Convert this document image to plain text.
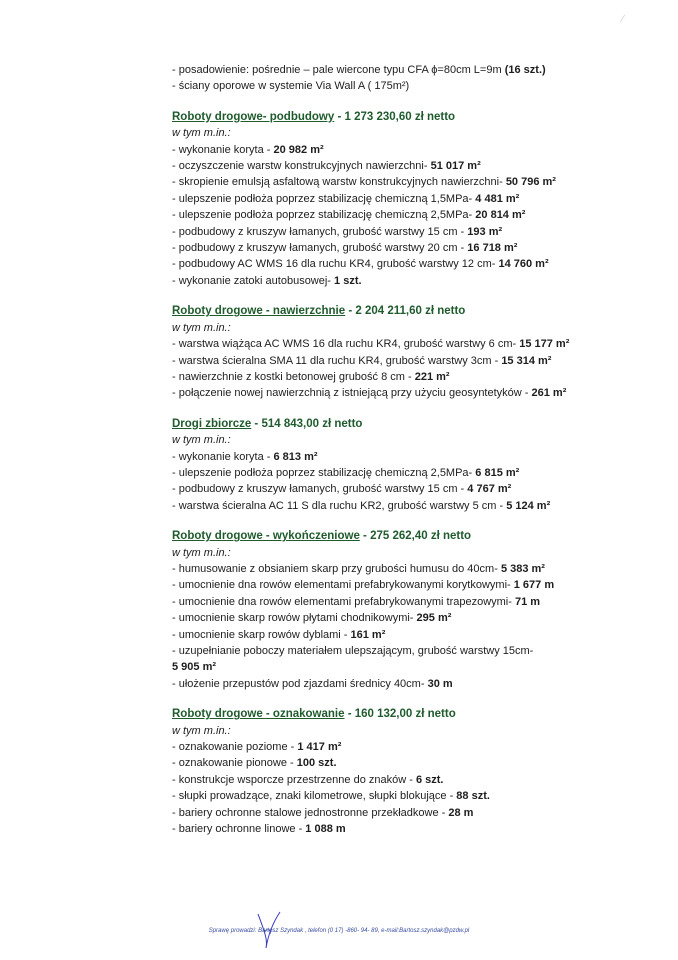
⁄
- posadowienie: pośrednie – pale wiercone typu CFA ϕ=80cm L=9m (16 szt.)
- ściany oporowe w systemie Via Wall A ( 175m²)
Roboty drogowe- podbudowy - 1 273 230,60 zł netto
w tym m.in.:
- wykonanie koryta - 20 982 m²
- oczyszczenie warstw konstrukcyjnych nawierzchni- 51 017 m²
- skropienie emulsją asfaltową warstw konstrukcyjnych nawierzchni- 50 796 m²
- ulepszenie podłoża poprzez stabilizację chemiczną 1,5MPa- 4 481 m²
- ulepszenie podłoża poprzez stabilizację chemiczną 2,5MPa- 20 814 m²
- podbudowy z kruszyw łamanych, grubość warstwy 15 cm - 193 m²
- podbudowy z kruszyw łamanych, grubość warstwy 20 cm - 16 718 m²
- podbudowy AC WMS 16 dla ruchu KR4, grubość warstwy 12 cm- 14 760 m²
- wykonanie zatoki autobusowej- 1 szt.
Roboty drogowe - nawierzchnie - 2 204 211,60 zł netto
w tym m.in.:
- warstwa wiążąca AC WMS 16 dla ruchu KR4, grubość warstwy 6 cm- 15 177 m²
- warstwa ścieralna SMA 11 dla ruchu KR4, grubość warstwy 3cm - 15 314 m²
- nawierzchnie z kostki betonowej grubość 8 cm - 221 m²
- połączenie nowej nawierzchnią z istniejącą przy użyciu geosyntetyków - 261 m²
Drogi zbiorcze - 514 843,00 zł netto
w tym m.in.:
- wykonanie koryta - 6 813 m²
- ulepszenie podłoża poprzez stabilizację chemiczną 2,5MPa- 6 815 m²
- podbudowy z kruszyw łamanych, grubość warstwy 15 cm - 4 767 m²
- warstwa ścieralna AC 11 S dla ruchu KR2, grubość warstwy 5 cm - 5 124 m²
Roboty drogowe - wykończeniowe - 275 262,40 zł netto
w tym m.in.:
- humusowanie z obsianiem skarp przy grubości humusu do 40cm- 5 383 m²
- umocnienie dna rowów elementami prefabrykowanymi korytkowymi- 1 677 m
- umocnienie dna rowów elementami prefabrykowanymi trapezowymi- 71 m
- umocnienie skarp rowów płytami chodnikowymi- 295 m²
- umocnienie skarp rowów dyblami - 161 m²
- uzupełnianie poboczy materiałem ulepszającym, grubość warstwy 15cm-
5 905 m²
- ułożenie przepustów pod zjazdami średnicy 40cm- 30 m
Roboty drogowe - oznakowanie - 160 132,00 zł netto
w tym m.in.:
- oznakowanie poziome - 1 417 m²
- oznakowanie pionowe - 100 szt.
- konstrukcje wsporcze przestrzenne do znaków - 6 szt.
- słupki prowadzące, znaki kilometrowe, słupki blokujące - 88 szt.
- bariery ochronne stalowe jednostronne przekładkowe - 28 m
- bariery ochronne linowe - 1 088 m
Sprawę prowadzi: Bartosz Szyndak , telefon (0 17) -860- 94- 89, e-mail:Bartosz.szyndak@pzdw.pl
